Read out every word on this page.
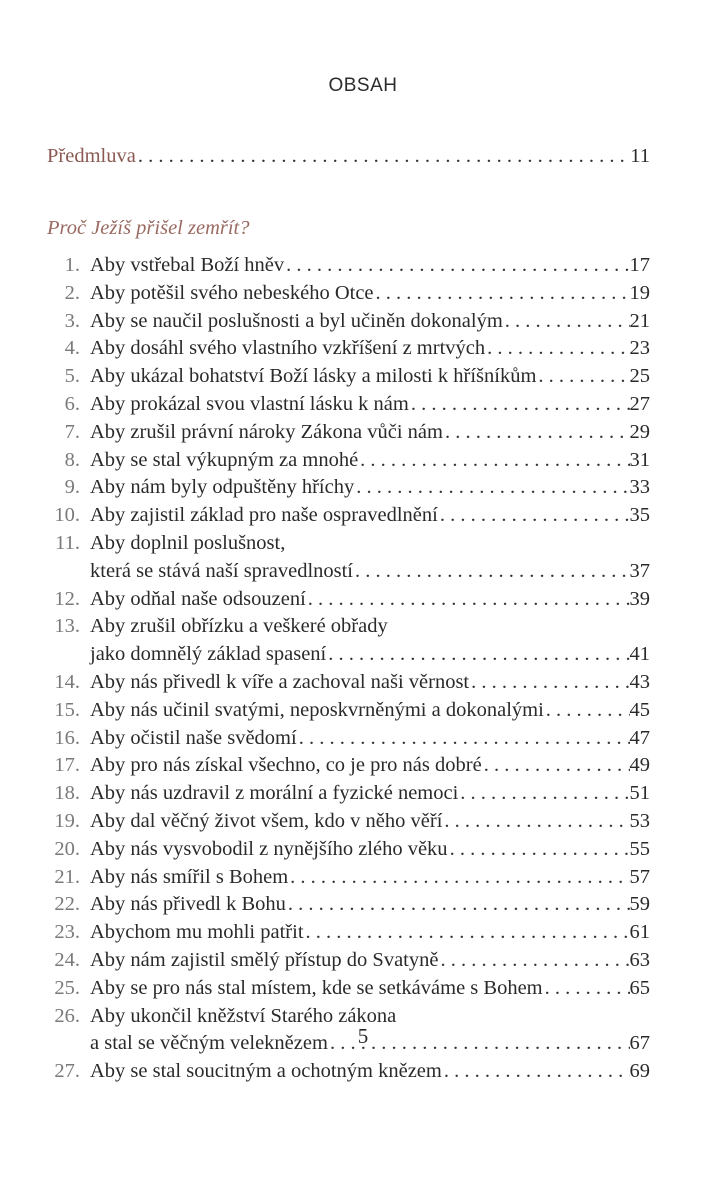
OBSAH
Předmluva . . .	11
Proč Ježíš přišel zemřít?
1. Aby vstřebal Boží hněv . . .	17
2. Aby potěšil svého nebeského Otce . . .	19
3. Aby se naučil poslušnosti a byl učiněn dokonalým . . .	21
4. Aby dosáhl svého vlastního vzkříšení z mrtvých . . .	23
5. Aby ukázal bohatství Boží lásky a milosti k hříšníkům . . .	25
6. Aby prokázal svou vlastní lásku k nám . . .	27
7. Aby zrušil právní nároky Zákona vůči nám . . .	29
8. Aby se stal výkupným za mnohé . . .	31
9. Aby nám byly odpuštěny hříchy . . .	33
10. Aby zajistil základ pro naše ospravedlnění . . .	35
11. Aby doplnil poslušnost,
která se stává naší spravedlností . . .	37
12. Aby odňal naše odsouzení . . .	39
13. Aby zrušil obřízku a veškeré obřady
jako domnělý základ spasení . . .	41
14. Aby nás přivedl k víře a zachoval naši věrnost . . .	43
15. Aby nás učinil svatými, neposkvrněnými a dokonalými . . .	45
16. Aby očistil naše svědomí . . .	47
17. Aby pro nás získal všechno, co je pro nás dobré . . .	49
18. Aby nás uzdravil z morální a fyzické nemoci . . .	51
19. Aby dal věčný život všem, kdo v něho věří . . .	53
20. Aby nás vysvobodil z nynějšího zlého věku . . .	55
21. Aby nás smířil s Bohem . . .	57
22. Aby nás přivedl k Bohu . . .	59
23. Abychom mu mohli patřit . . .	61
24. Aby nám zajistil smělý přístup do Svatyně . . .	63
25. Aby se pro nás stal místem, kde se setkáváme s Bohem . . .	65
26. Aby ukončil kněžství Starého zákona
a stal se věčným veleknězem . . .	67
27. Aby se stal soucitným a ochotným knězem . . .	69
5
